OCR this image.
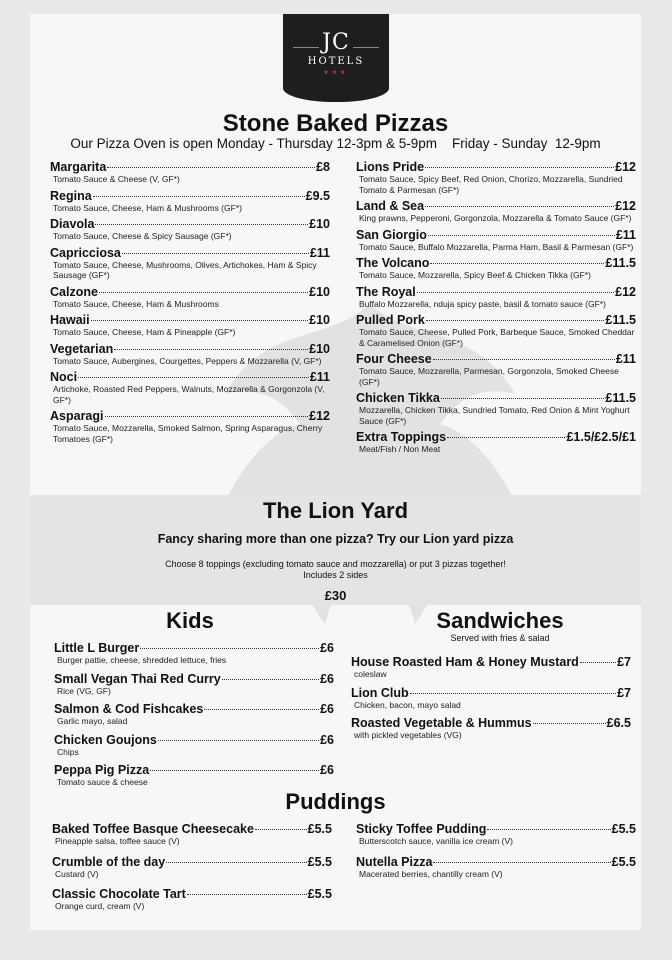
JC
HOTELS
★★★
Stone Baked Pizzas
Our Pizza Oven is open Monday - Thursday 12-3pm & 5-9pm    Friday - Sunday  12-9pm
Margarita	£8
Tomato Sauce & Cheese (V, GF*)
Regina	£9.5
Tomato Sauce, Cheese, Ham & Mushrooms (GF*)
Diavola	£10
Tomato Sauce, Cheese & Spicy Sausage (GF*)
Capricciosa	£11
Tomato Sauce, Cheese, Mushrooms, Olives, Artichokes, Ham & Spicy Sausage (GF*)
Calzone	£10
Tomato Sauce, Cheese, Ham & Mushrooms
Hawaii	£10
Tomato Sauce, Cheese, Ham & Pineapple (GF*)
Vegetarian	£10
Tomato Sauce, Aubergines, Courgettes, Peppers & Mozzarella (V, GF*)
Noci	£11
Artichoke, Roasted Red Peppers, Walnuts, Mozzarella & Gorgonzola (V, GF*)
Asparagi	£12
Tomato Sauce, Mozzarella, Smoked Salmon, Spring Asparagus, Cherry Tomatoes (GF*)
Lions Pride	£12
Tomato Sauce, Spicy Beef, Red Onion, Chorizo, Mozzarella, Sundried Tomato & Parmesan (GF*)
Land & Sea	£12
King prawns, Pepperoni, Gorgonzola, Mozzarella & Tomato Sauce (GF*)
San Giorgio	£11
Tomato Sauce, Buffalo Mozzarella, Parma Ham, Basil & Parmesan (GF*)
The Volcano	£11.5
Tomato Sauce, Mozzarella, Spicy Beef & Chicken Tikka (GF*)
The Royal	£12
Buffalo Mozzarella, nduja spicy paste, basil & tomato sauce (GF*)
Pulled Pork	£11.5
Tomato Sauce, Cheese, Pulled Pork, Barbeque Sauce, Smoked Cheddar & Caramelised Onion (GF*)
Four Cheese	£11
Tomato Sauce, Mozzarella, Parmesan, Gorgonzola, Smoked Cheese (GF*)
Chicken Tikka	£11.5
Mozzarella, Chicken Tikka, Sundried Tomato, Red Onion & Mint Yoghurt Sauce (GF*)
Extra Toppings	£1.5/£2.5/£1
Meat/Fish / Non Meat
The Lion Yard
Fancy sharing more than one pizza? Try our Lion yard pizza
Choose 8 toppings (excluding tomato sauce and mozzarella) or put 3 pizzas together!
Includes 2 sides
£30
Kids
Little L Burger	£6
Burger pattie, cheese, shredded lettuce, fries
Small Vegan Thai Red Curry	£6
Rice (VG, GF)
Salmon & Cod Fishcakes	£6
Garlic mayo, salad
Chicken Goujons	£6
Chips
Peppa Pig Pizza	£6
Tomato sauce & cheese
Sandwiches
Served with fries & salad
House Roasted Ham & Honey Mustard	£7
coleslaw
Lion Club	£7
Chicken, bacon, mayo salad
Roasted Vegetable & Hummus	£6.5
with pickled vegetables (VG)
Puddings
Baked Toffee Basque Cheesecake	£5.5
Pineapple salsa, toffee sauce (V)
Crumble of the day	£5.5
Custard (V)
Classic Chocolate Tart	£5.5
Orange curd, cream (V)
Sticky Toffee Pudding	£5.5
Butterscotch sauce, vanilla ice cream (V)
Nutella Pizza	£5.5
Macerated berries, chantilly cream (V)
